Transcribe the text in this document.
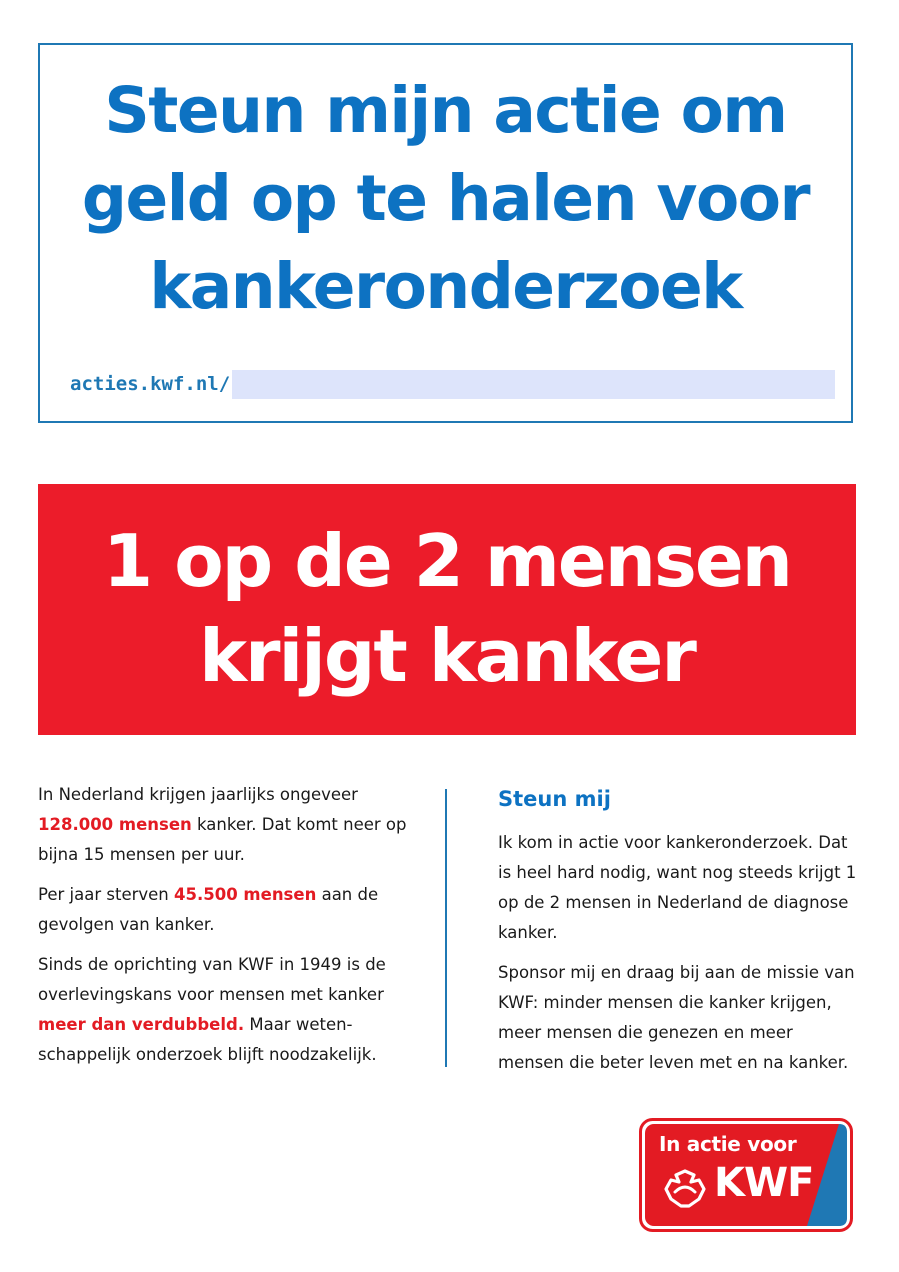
Steun mijn actie om
geld op te halen voor
kankeronderzoek
acties.kwf.nl/
1 op de 2 mensen
krijgt kanker

In Nederland krijgen jaarlijks ongeveer
128.000 mensen kanker. Dat komt neer op bijna 15 mensen per uur.

Per jaar sterven 45.500 mensen aan de gevolgen van kanker.

Sinds de oprichting van KWF in 1949 is de overlevingskans voor mensen met kanker meer dan verdubbeld. Maar weten-schappelijk onderzoek blijft noodzakelijk.

Steun mij

Ik kom in actie voor kankeronderzoek. Dat is heel hard nodig, want nog steeds krijgt 1 op de 2 mensen in Nederland de diagnose kanker.

Sponsor mij en draag bij aan de missie van KWF: minder mensen die kanker krijgen, meer mensen die genezen en meer mensen die beter leven met en na kanker.

In actie voor
KWF
